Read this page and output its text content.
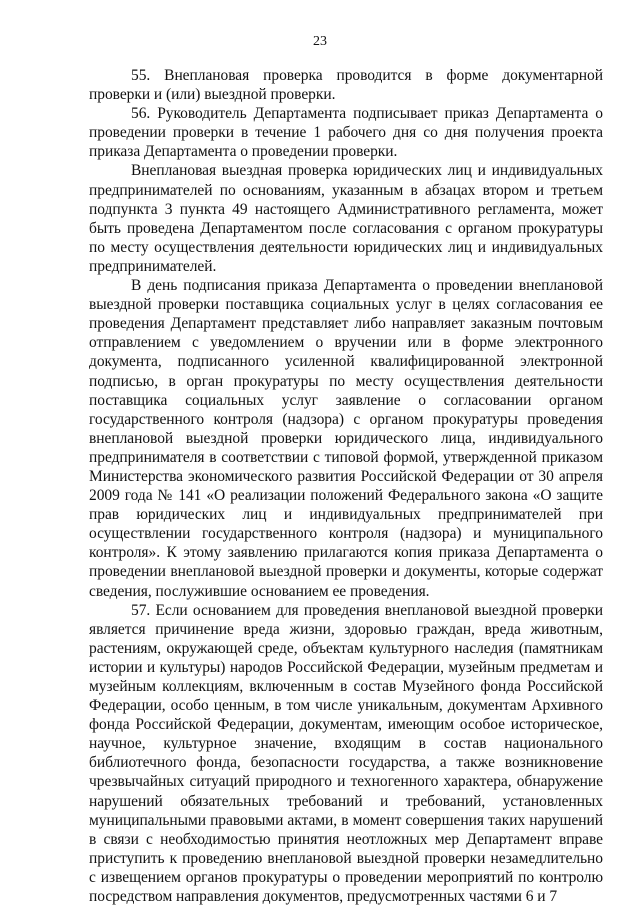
23

55. Внеплановая проверка проводится в форме документарной проверки и (или) выездной проверки.

56. Руководитель Департамента подписывает приказ Департамента о проведении проверки в течение 1 рабочего дня со дня получения проекта приказа Департамента о проведении проверки.

Внеплановая выездная проверка юридических лиц и индивидуальных предпринимателей по основаниям, указанным в абзацах втором и третьем подпункта 3 пункта 49 настоящего Административного регламента, может быть проведена Департаментом после согласования с органом прокуратуры по месту осуществления деятельности юридических лиц и индивидуальных предпринимателей.

В день подписания приказа Департамента о проведении внеплановой выездной проверки поставщика социальных услуг в целях согласования ее проведения Департамент представляет либо направляет заказным почтовым отправлением с уведомлением о вручении или в форме электронного документа, подписанного усиленной квалифицированной электронной подписью, в орган прокуратуры по месту осуществления деятельности поставщика социальных услуг заявление о согласовании органом государственного контроля (надзора) с органом прокуратуры проведения внеплановой выездной проверки юридического лица, индивидуального предпринимателя в соответствии с типовой формой, утвержденной приказом Министерства экономического развития Российской Федерации от 30 апреля 2009 года № 141 «О реализации положений Федерального закона «О защите прав юридических лиц и индивидуальных предпринимателей при осуществлении государственного контроля (надзора) и муниципального контроля». К этому заявлению прилагаются копия приказа Департамента о проведении внеплановой выездной проверки и документы, которые содержат сведения, послужившие основанием ее проведения.

57. Если основанием для проведения внеплановой выездной проверки является причинение вреда жизни, здоровью граждан, вреда животным, растениям, окружающей среде, объектам культурного наследия (памятникам истории и культуры) народов Российской Федерации, музейным предметам и музейным коллекциям, включенным в состав Музейного фонда Российской Федерации, особо ценным, в том числе уникальным, документам Архивного фонда Российской Федерации, документам, имеющим особое историческое, научное, культурное значение, входящим в состав национального библиотечного фонда, безопасности государства, а также возникновение чрезвычайных ситуаций природного и техногенного характера, обнаружение нарушений обязательных требований и требований, установленных муниципальными правовыми актами, в момент совершения таких нарушений в связи с необходимостью принятия неотложных мер Департамент вправе приступить к проведению внеплановой выездной проверки незамедлительно с извещением органов прокуратуры о проведении мероприятий по контролю посредством направления документов, предусмотренных частями 6 и 7
